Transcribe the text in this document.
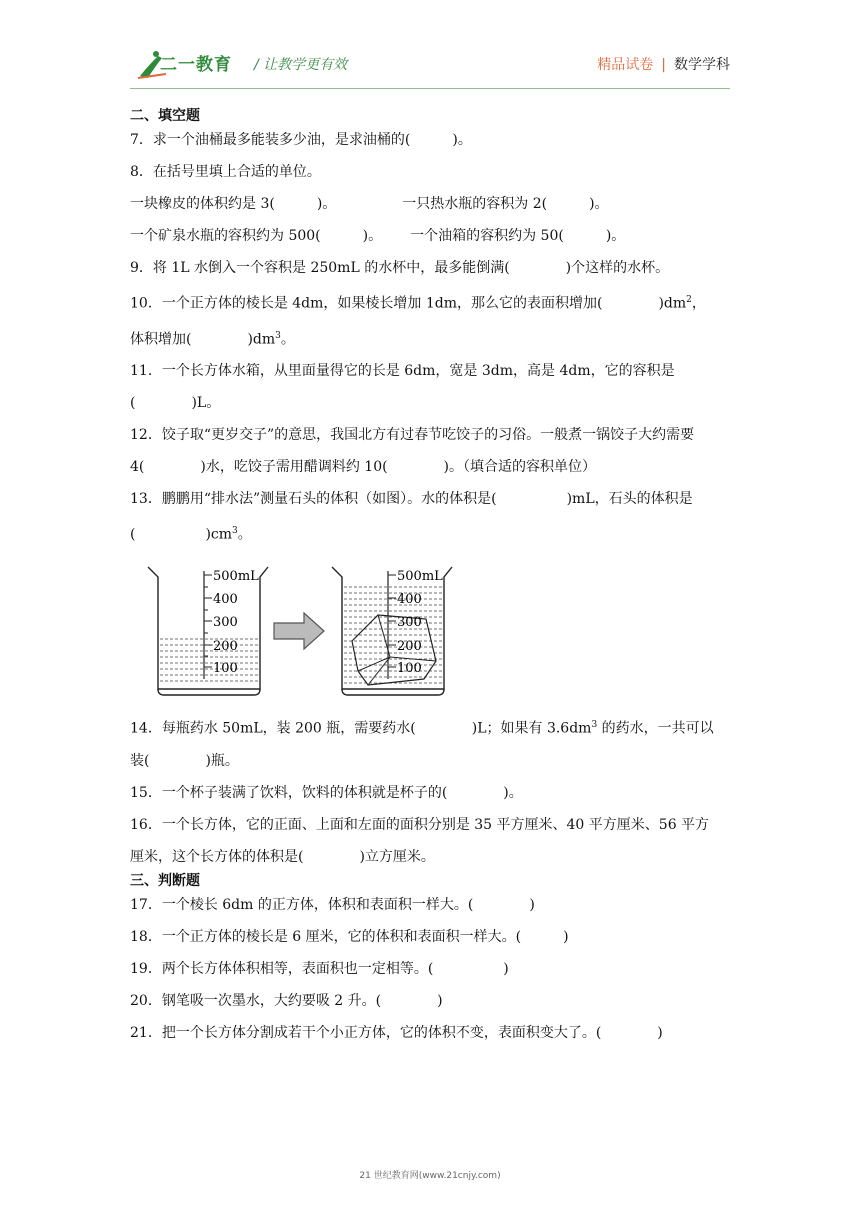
二一教育 / 让教学更有效	精品试卷 | 数学学科
二、填空题
7．求一个油桶最多能装多少油，是求油桶的(　　　)。
8．在括号里填上合适的单位。
一块橡皮的体积约是 3(　　　)。	一只热水瓶的容积为 2(　　　)。
一个矿泉水瓶的容积约为 500(　　　)。 一个油箱的容积约为 50(　　　)。
9．将 1L 水倒入一个容积是 250mL 的水杯中，最多能倒满(　　　　)个这样的水杯。
10．一个正方体的棱长是 4dm，如果棱长增加 1dm，那么它的表面积增加(　　　　)$dm^2$，
体积增加(　　　　)$dm^3$。
11．一个长方体水箱，从里面量得它的长是 6dm，宽是 3dm，高是 4dm，它的容积是
(　　　　)L。
12．饺子取“更岁交子”的意思，我国北方有过春节吃饺子的习俗。一般煮一锅饺子大约需要
4(　　　　)水，吃饺子需用醋调料约 10(　　　　)。（填合适的容积单位）
13．鹏鹏用“排水法”测量石头的体积（如图）。水的体积是(　　　　　)mL，石头的体积是
(　　　　　)$cm^3$。
500mL
400
300
200
100
500mL
400
300
200
100
14．每瓶药水 50mL，装 200 瓶，需要药水(　　　　)L；如果有 $3.6dm^3$ 的药水，一共可以
装(　　　　)瓶。
15．一个杯子装满了饮料，饮料的体积就是杯子的(　　　　)。
16．一个长方体，它的正面、上面和左面的面积分别是 35 平方厘米、40 平方厘米、56 平方
厘米，这个长方体的体积是(　　　　)立方厘米。
三、判断题
17．一个棱长 6dm 的正方体，体积和表面积一样大。(　　　　)
18．一个正方体的棱长是 6 厘米，它的体积和表面积一样大。(　　　)
19．两个长方体体积相等，表面积也一定相等。(　　　　　)
20．钢笔吸一次墨水，大约要吸 2 升。(　　　　)
21．把一个长方体分割成若干个小正方体，它的体积不变，表面积变大了。(　　　　)
21 世纪教育网(www.21cnjy.com)
